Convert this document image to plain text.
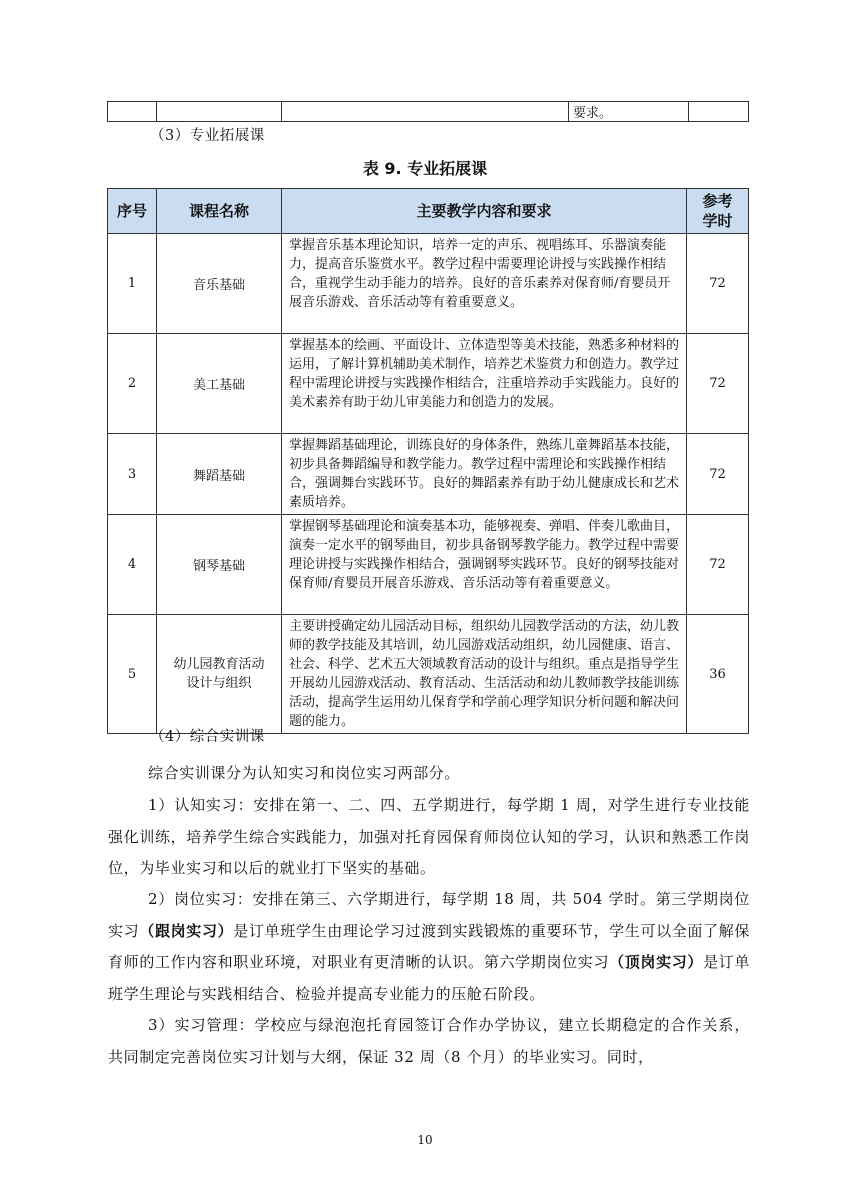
			要求。	
（3）专业拓展课
表 9. 专业拓展课
序号	课程名称	主要教学内容和要求	参考
学时

1	音乐基础	掌握音乐基本理论知识，培养一定的声乐、视唱练耳、乐器演奏能力，提高音乐鉴赏水平。教学过程中需要理论讲授与实践操作相结合，重视学生动手能力的培养。良好的音乐素养对保育师/育婴员开展音乐游戏、音乐活动等有着重要意义。	72
2	美工基础	掌握基本的绘画、平面设计、立体造型等美术技能，熟悉多种材料的运用，了解计算机辅助美术制作，培养艺术鉴赏力和创造力。教学过程中需理论讲授与实践操作相结合，注重培养动手实践能力。良好的美术素养有助于幼儿审美能力和创造力的发展。	72
3	舞蹈基础	掌握舞蹈基础理论，训练良好的身体条件，熟练儿童舞蹈基本技能，初步具备舞蹈编导和教学能力。教学过程中需理论和实践操作相结合，强调舞台实践环节。良好的舞蹈素养有助于幼儿健康成长和艺术素质培养。	72
4	钢琴基础	掌握钢琴基础理论和演奏基本功，能够视奏、弹唱、伴奏儿歌曲目，演奏一定水平的钢琴曲目，初步具备钢琴教学能力。教学过程中需要理论讲授与实践操作相结合，强调钢琴实践环节。良好的钢琴技能对保育师/育婴员开展音乐游戏、音乐活动等有着重要意义。	72
5	幼儿园教育活动
设计与组织	主要讲授确定幼儿园活动目标，组织幼儿园教学活动的方法，幼儿教师的教学技能及其培训，幼儿园游戏活动组织，幼儿园健康、语言、社会、科学、艺术五大领域教育活动的设计与组织。重点是指导学生开展幼儿园游戏活动、教育活动、生活活动和幼儿教师教学技能训练活动，提高学生运用幼儿保育学和学前心理学知识分析问题和解决问题的能力。	36
（4）综合实训课
综合实训课分为认知实习和岗位实习两部分。
1）认知实习：安排在第一、二、四、五学期进行，每学期 1 周，对学生进行专业技能强化训练，培养学生综合实践能力，加强对托育园保育师岗位认知的学习，认识和熟悉工作岗位，为毕业实习和以后的就业打下坚实的基础。
2）岗位实习：安排在第三、六学期进行，每学期 18 周，共 504 学时。第三学期岗位实习（跟岗实习）是订单班学生由理论学习过渡到实践锻炼的重要环节，学生可以全面了解保育师的工作内容和职业环境，对职业有更清晰的认识。第六学期岗位实习（顶岗实习）是订单班学生理论与实践相结合、检验并提高专业能力的压舱石阶段。
3）实习管理：学校应与绿泡泡托育园签订合作办学协议，建立长期稳定的合作关系，共同制定完善岗位实习计划与大纲，保证 32 周（8 个月）的毕业实习。同时，
10
